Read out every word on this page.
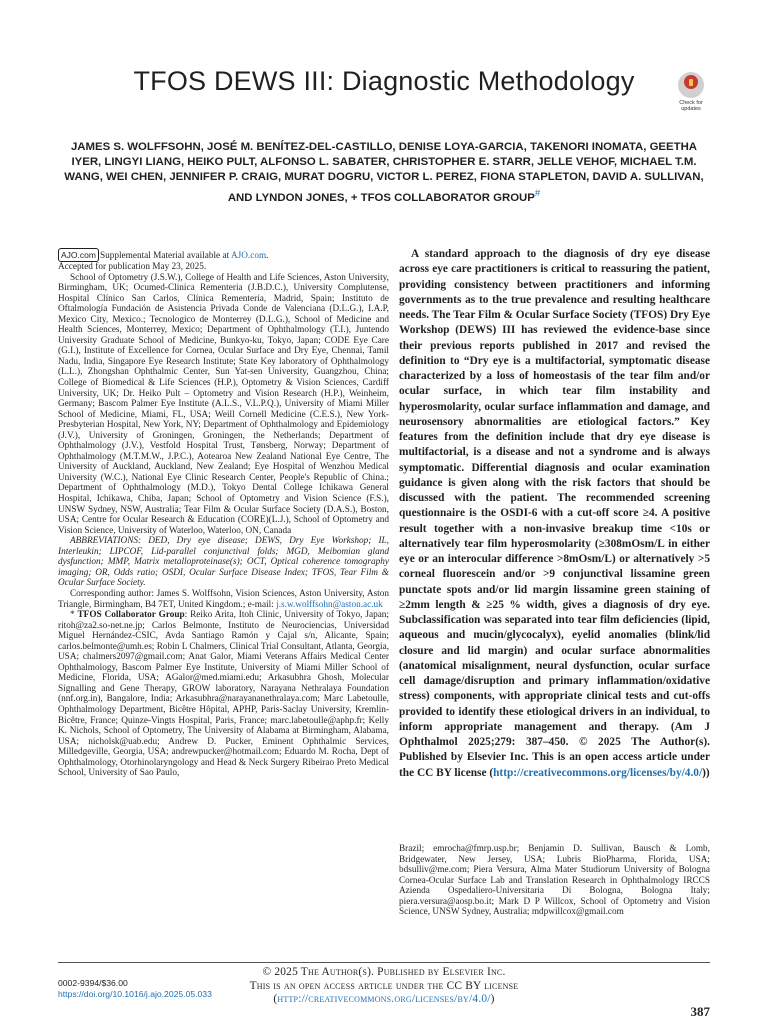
TFOS DEWS III: Diagnostic Methodology
Check for updates

JAMES S. WOLFFSOHN, JOSÉ M. BENÍTEZ-DEL-CASTILLO, DENISE LOYA-GARCIA, TAKENORI INOMATA, GEETHA IYER, LINGYI LIANG, HEIKO PULT, ALFONSO L. SABATER, CHRISTOPHER E. STARR, JELLE VEHOF, MICHAEL T.M. WANG, WEI CHEN, JENNIFER P. CRAIG, MURAT DOGRU, VICTOR L. PEREZ, FIONA STAPLETON, DAVID A. SULLIVAN, AND LYNDON JONES, + TFOS COLLABORATOR GROUP#

AJO.com Supplemental Material available at AJO.com.

Accepted for publication May 23, 2025.

School of Optometry (J.S.W.), College of Health and Life Sciences, Aston University, Birmingham, UK; Ocumed-Clinica Rementeria (J.B.D.C.), University Complutense, Hospital Clínico San Carlos, Clínica Rementeria, Madrid, Spain; Instituto de Oftalmología Fundación de Asistencia Privada Conde de Valenciana (D.L.G.), I.A.P, Mexico City, Mexico.; Tecnologico de Monterrey (D.L.G.), School of Medicine and Health Sciences, Monterrey, Mexico; Department of Ophthalmology (T.I.), Juntendo University Graduate School of Medicine, Bunkyo-ku, Tokyo, Japan; CODE Eye Care (G.I.), Institute of Excellence for Cornea, Ocular Surface and Dry Eye, Chennai, Tamil Nadu, India, Singapore Eye Research Institute; State Key laboratory of Ophthalmology (L.L.), Zhongshan Ophthalmic Center, Sun Yat-sen University, Guangzhou, China; College of Biomedical & Life Sciences (H.P.), Optometry & Vision Sciences, Cardiff University, UK; Dr. Heiko Pult – Optometry and Vision Research (H.P.), Weinheim, Germany; Bascom Palmer Eye Institute (A.L.S., V.L.P.Q.), University of Miami Miller School of Medicine, Miami, FL, USA; Weill Cornell Medicine (C.E.S.), New York-Presbyterian Hospital, New York, NY; Department of Ophthalmology and Epidemiology (J.V.), University of Groningen, Groningen, the Netherlands; Department of Ophthalmology (J.V.), Vestfold Hospital Trust, Tønsberg, Norway; Department of Ophthalmology (M.T.M.W., J.P.C.), Aotearoa New Zealand National Eye Centre, The University of Auckland, Auckland, New Zealand; Eye Hospital of Wenzhou Medical University (W.C.), National Eye Clinic Research Center, People's Republic of China.; Department of Ophthalmology (M.D.), Tokyo Dental College Ichikawa General Hospital, Ichikawa, Chiba, Japan; School of Optometry and Vision Science (F.S.), UNSW Sydney, NSW, Australia; Tear Film & Ocular Surface Society (D.A.S.), Boston, USA; Centre for Ocular Research & Education (CORE)(L.J.), School of Optometry and Vision Science, University of Waterloo, Waterloo, ON, Canada

ABBREVIATIONS: DED, Dry eye disease; DEWS, Dry Eye Workshop; IL, Interleukin; LIPCOF, Lid-parallel conjunctival folds; MGD, Meibomian gland dysfunction; MMP, Matrix metalloproteinase(s); OCT, Optical coherence tomography imaging; OR, Odds ratio; OSDI, Ocular Surface Disease Index; TFOS, Tear Film & Ocular Surface Society.

Corresponding author: James S. Wolffsohn, Vision Sciences, Aston University, Aston Triangle, Birmingham, B4 7ET, United Kingdom.; e-mail: j.s.w.wolffsohn@aston.ac.uk

* TFOS Collaborator Group: Reiko Arita, Itoh Clinic, University of Tokyo, Japan; ritoh@za2.so-net.ne.jp; Carlos Belmonte, Instituto de Neurociencias, Universidad Miguel Hernández-CSIC, Avda Santiago Ramón y Cajal s/n, Alicante, Spain; carlos.belmonte@umh.es; Robin L Chalmers, Clinical Trial Consultant, Atlanta, Georgia, USA; chalmers2097@gmail.com; Anat Galor, Miami Veterans Affairs Medical Center Ophthalmology, Bascom Palmer Eye Institute, University of Miami Miller School of Medicine, Florida, USA; AGalor@med.miami.edu; Arkasubhra Ghosh, Molecular Signalling and Gene Therapy, GROW laboratory, Narayana Nethralaya Foundation (nnf.org.in), Bangalore, India; Arkasubhra@narayananethralaya.com; Marc Labetoulle, Ophthalmology Department, Bicêtre Hôpital, APHP, Paris-Saclay University, Kremlin-Bicêtre, France; Quinze-Vingts Hospital, Paris, France; marc.labetoulle@aphp.fr; Kelly K. Nichols, School of Optometry, The University of Alabama at Birmingham, Alabama, USA; nicholsk@uab.edu; Andrew D. Pucker, Eminent Ophthalmic Services, Milledgeville, Georgia, USA; andrewpucker@hotmail.com; Eduardo M. Rocha, Dept of Ophthalmology, Otorhinolaryngology and Head & Neck Surgery Ribeirao Preto Medical School, University of Sao Paulo,

A standard approach to the diagnosis of dry eye disease across eye care practitioners is critical to reassuring the patient, providing consistency between practitioners and informing governments as to the true prevalence and resulting healthcare needs. The Tear Film & Ocular Surface Society (TFOS) Dry Eye Workshop (DEWS) III has reviewed the evidence-base since their previous reports published in 2017 and revised the definition to “Dry eye is a multifactorial, symptomatic disease characterized by a loss of homeostasis of the tear film and/or ocular surface, in which tear film instability and hyperosmolarity, ocular surface inflammation and damage, and neurosensory abnormalities are etiological factors.” Key features from the definition include that dry eye disease is multifactorial, is a disease and not a syndrome and is always symptomatic. Differential diagnosis and ocular examination guidance is given along with the risk factors that should be discussed with the patient. The recommended screening questionnaire is the OSDI-6 with a cut-off score ≥4. A positive result together with a non-invasive breakup time <10s or alternatively tear film hyperosmolarity (≥308mOsm/L in either eye or an interocular difference >8mOsm/L) or alternatively >5 corneal fluorescein and/or >9 conjunctival lissamine green punctate spots and/or lid margin lissamine green staining of ≥2mm length & ≥25 % width, gives a diagnosis of dry eye. Subclassification was separated into tear film deficiencies (lipid, aqueous and mucin/glycocalyx), eyelid anomalies (blink/lid closure and lid margin) and ocular surface abnormalities (anatomical misalignment, neural dysfunction, ocular surface cell damage/disruption and primary inflammation/oxidative stress) components, with appropriate clinical tests and cut-offs provided to identify these etiological drivers in an individual, to inform appropriate management and therapy. (Am J Ophthalmol 2025;279: 387–450. © 2025 The Author(s). Published by Elsevier Inc. This is an open access article under the CC BY license (http://creativecommons.org/licenses/by/4.0/))

Brazil; emrocha@fmrp.usp.br; Benjamin D. Sullivan, Bausch & Lomb, Bridgewater, New Jersey, USA; Lubris BioPharma, Florida, USA; bdsulliv@me.com; Piera Versura, Alma Mater Studiorum University of Bologna Cornea-Ocular Surface Lab and Translation Research in Ophthalmology IRCCS Azienda Ospedaliero-Universitaria Di Bologna, Bologna Italy; piera.versura@aosp.bo.it; Mark D P Willcox, School of Optometry and Vision Science, UNSW Sydney, Australia; mdpwillcox@gmail.com

0002-9394/$36.00
https://doi.org/10.1016/j.ajo.2025.05.033
© 2025 The Author(s). Published by Elsevier Inc.
This is an open access article under the CC BY license
(http://creativecommons.org/licenses/by/4.0/)
387
